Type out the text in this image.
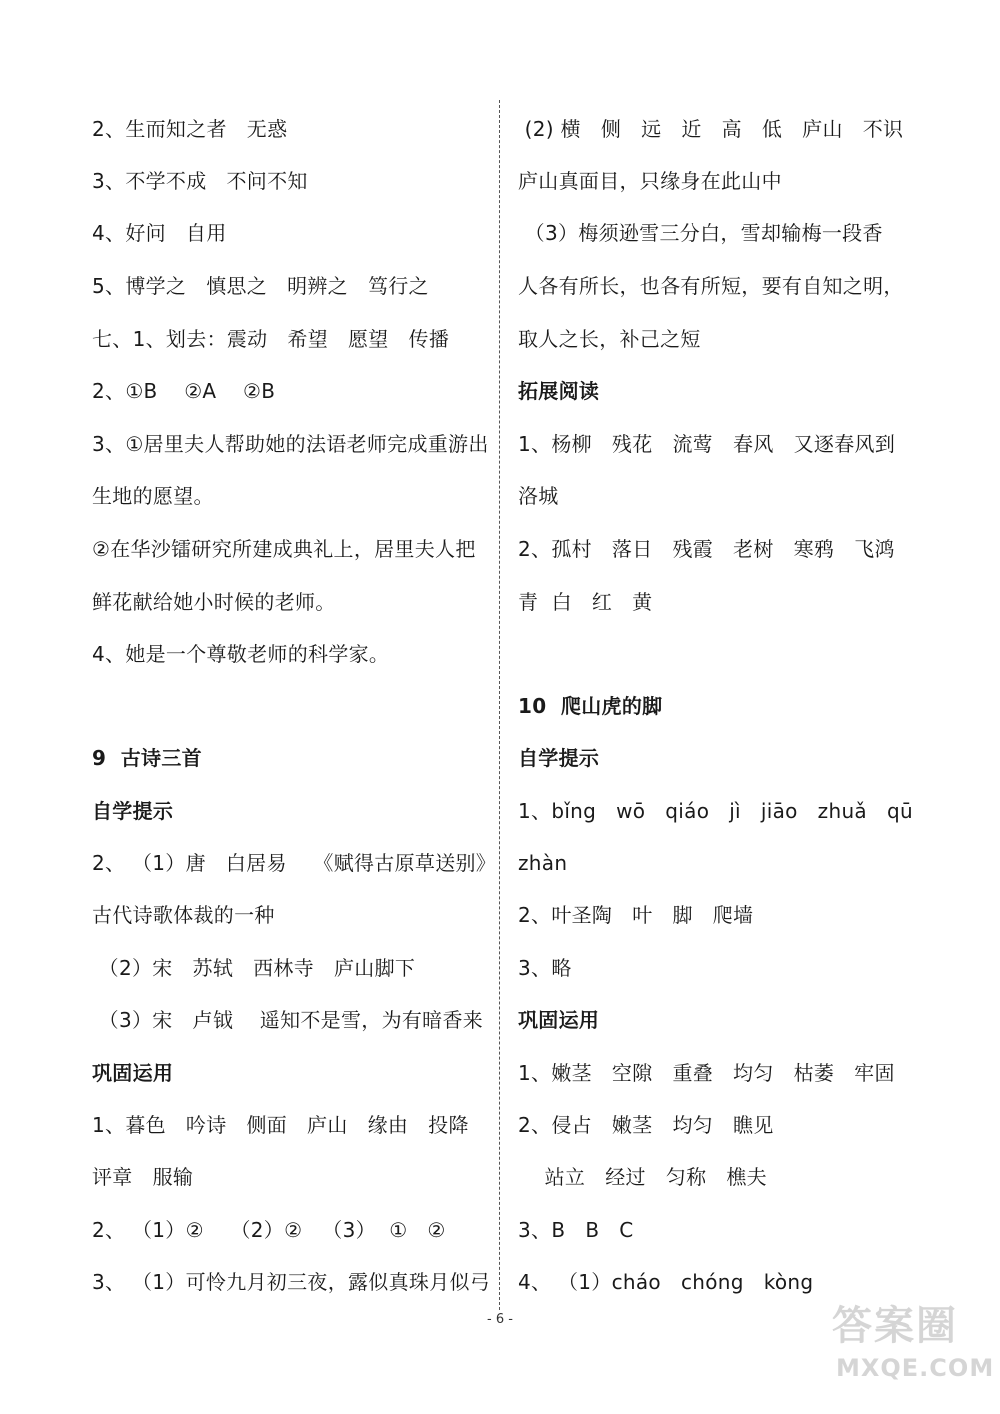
2、生而知之者   无惑
3、不学不成   不问不知
4、好问   自用
5、博学之   慎思之   明辨之   笃行之
七、1、划去：震动   希望   愿望   传播
2、①B    ②A    ②B
3、①居里夫人帮助她的法语老师完成重游出
生地的愿望。
②在华沙镭研究所建成典礼上，居里夫人把
鲜花献给她小时候的老师。
4、她是一个尊敬老师的科学家。
9  古诗三首
自学提示
2、 （1）唐   白居易    《赋得古原草送别》
古代诗歌体裁的一种
（2）宋   苏轼   西林寺   庐山脚下
（3）宋   卢钺    遥知不是雪，为有暗香来
巩固运用
1、暮色   吟诗   侧面   庐山   缘由   投降
评章   服输
2、 （1）②    （2）②   （3）  ①   ②
3、 （1）可怜九月初三夜，露似真珠月似弓
(2) 横   侧   远   近   高   低   庐山   不识
庐山真面目，只缘身在此山中
（3）梅须逊雪三分白，雪却输梅一段香
人各有所长，也各有所短，要有自知之明，
取人之长，补己之短
拓展阅读
1、杨柳   残花   流莺   春风   又逐春风到
洛城
2、孤村   落日   残霞   老树   寒鸦   飞鸿
青  白   红   黄
10  爬山虎的脚
自学提示
1、bǐng   wō   qiáo   jì   jiāo   zhuǎ   qū
zhàn
2、叶圣陶   叶   脚   爬墙
3、略
巩固运用
1、嫩茎   空隙   重叠   均匀   枯萎   牢固
2、侵占   嫩茎   均匀   瞧见
站立   经过   匀称   樵夫
3、B   B   C
4、 （1）cháo   chóng   kòng
- 6 -	答案圈
MXQE.COM
